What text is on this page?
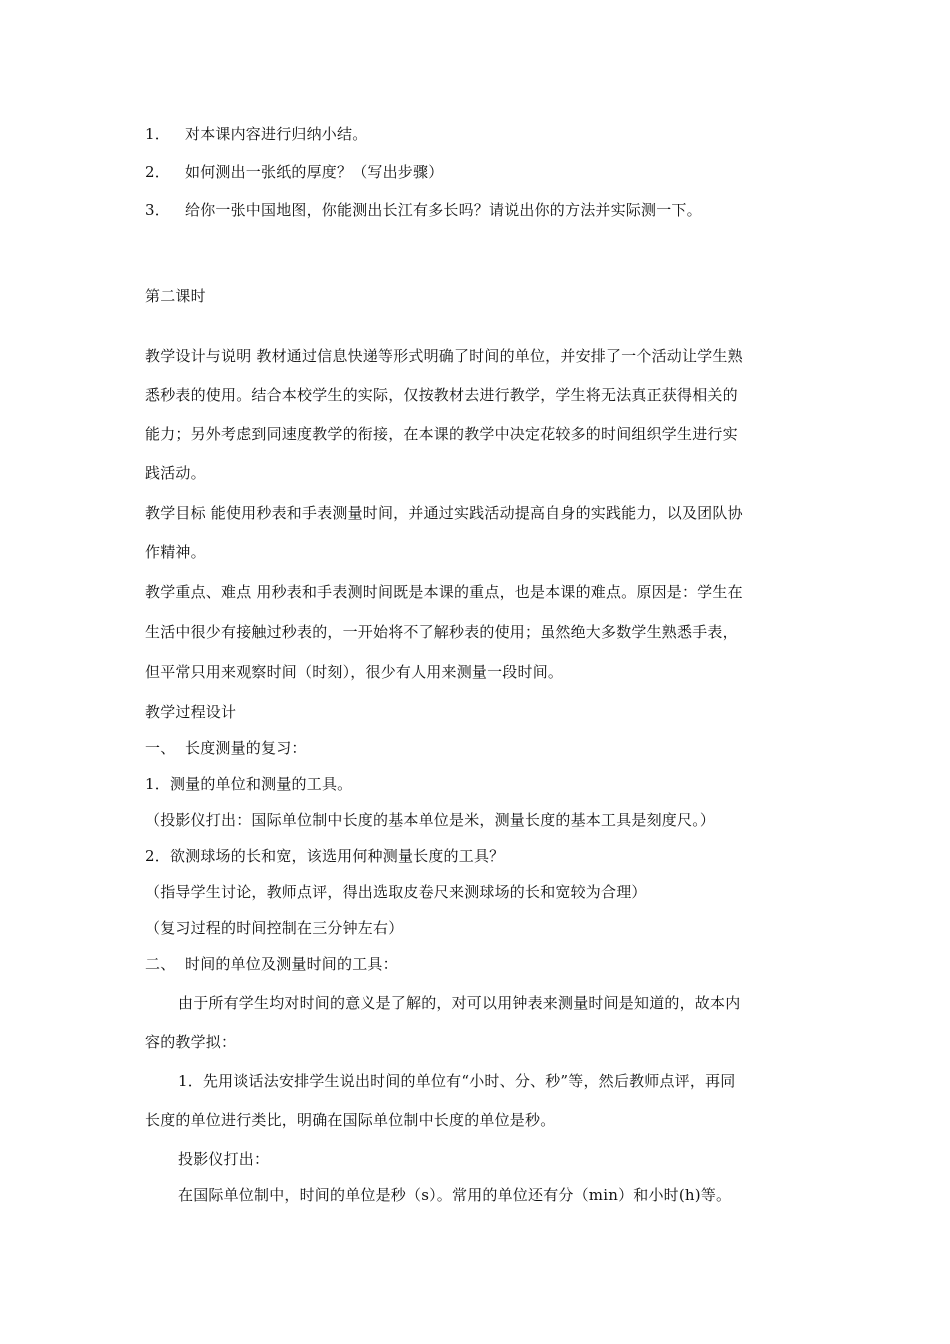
1． 对本课内容进行归纳小结。
2． 如何测出一张纸的厚度？（写出步骤）
3． 给你一张中国地图，你能测出长江有多长吗？请说出你的方法并实际测一下。
第二课时
教学设计与说明 教材通过信息快递等形式明确了时间的单位，并安排了一个活动让学生熟
悉秒表的使用。结合本校学生的实际，仅按教材去进行教学，学生将无法真正获得相关的
能力；另外考虑到同速度教学的衔接，在本课的教学中决定花较多的时间组织学生进行实
践活动。
教学目标 能使用秒表和手表测量时间，并通过实践活动提高自身的实践能力，以及团队协
作精神。
教学重点、难点 用秒表和手表测时间既是本课的重点，也是本课的难点。原因是：学生在
生活中很少有接触过秒表的，一开始将不了解秒表的使用；虽然绝大多数学生熟悉手表，
但平常只用来观察时间（时刻），很少有人用来测量一段时间。
教学过程设计
一、 长度测量的复习：
1．测量的单位和测量的工具。
（投影仪打出：国际单位制中长度的基本单位是米，测量长度的基本工具是刻度尺。）
2．欲测球场的长和宽，该选用何种测量长度的工具？
（指导学生讨论，教师点评，得出选取皮卷尺来测球场的长和宽较为合理）
（复习过程的时间控制在三分钟左右）
二、 时间的单位及测量时间的工具：
由于所有学生均对时间的意义是了解的，对可以用钟表来测量时间是知道的，故本内
容的教学拟：
1．先用谈话法安排学生说出时间的单位有“小时、分、秒”等，然后教师点评，再同
长度的单位进行类比，明确在国际单位制中长度的单位是秒。
投影仪打出：
在国际单位制中，时间的单位是秒（s）。常用的单位还有分（min）和小时(h)等。
